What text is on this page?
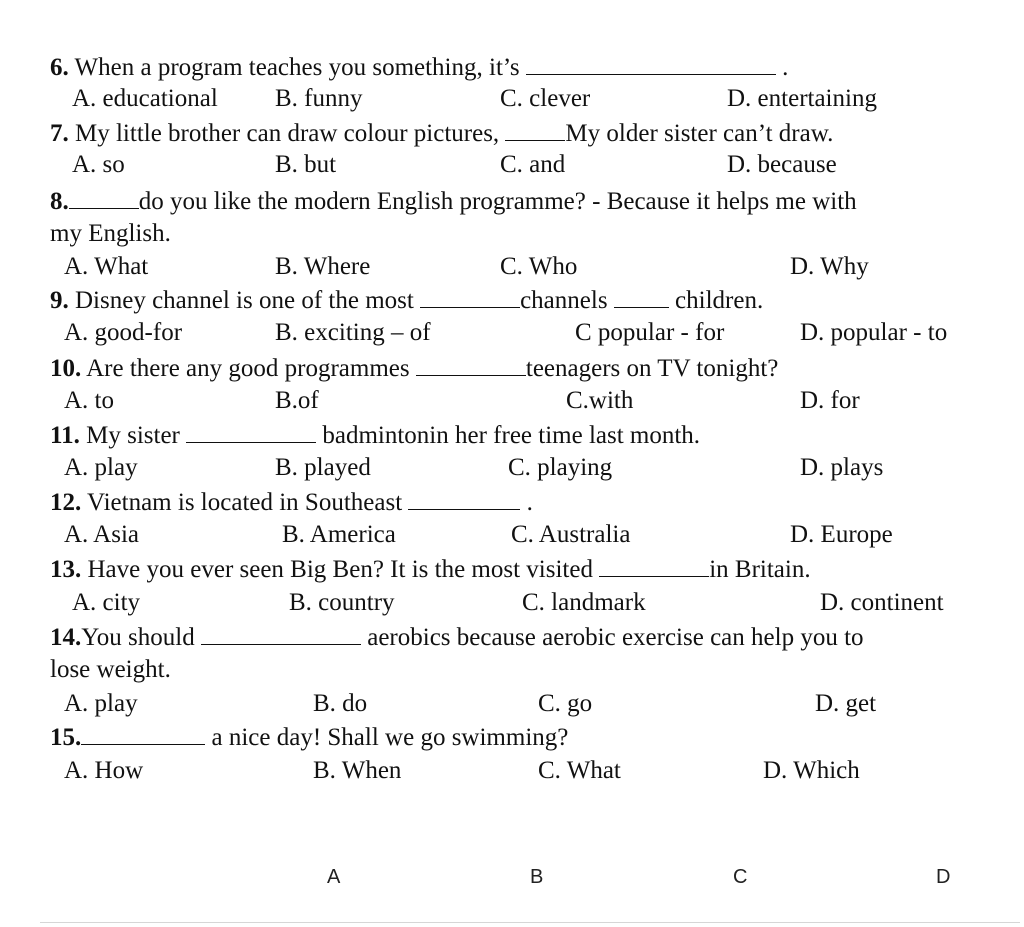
6. When a program teaches you something, it’s	.
A. educational B. funny	C. clever	D. entertaining
7. My little brother can draw colour pictures, My older sister can’t draw.
A. so	B. but	C. and	D. because
8.	do you like the modern English programme? - Because it helps me with
my English.
A. What	B. Where	C. Who	D. Why
9. Disney channel is one of the most	channels  children.
A. good-for	B. exciting – of	C popular - for	D. popular - to
10. Are there any good programmes	teenagers on TV tonight?
A. to	B.of	C.with	D. for
11. My sister	badmintonin her free time last month.
A. play	B. played	C. playing	D. plays
12. Vietnam is located in Southeast	.
A. Asia	B. America	C. Australia	D. Europe
13. Have you ever seen Big Ben? It is the most visited	in Britain.
A. city	B. country	C. landmark	D. continent
14.You should	aerobics because aerobic exercise can help you to
lose weight.
A. play	B. do	C. go	D. get
15.	a nice day! Shall we go swimming?
A. How	B. When	C. What	D. Which
A	B	C	D
